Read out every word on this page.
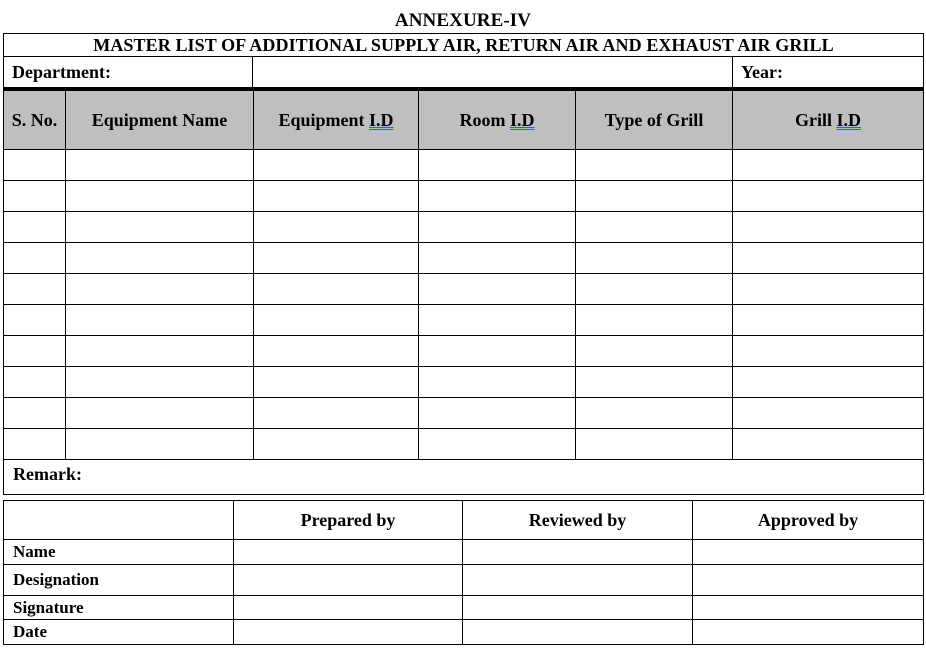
ANNEXURE-IV
MASTER LIST OF ADDITIONAL SUPPLY AIR, RETURN AIR AND EXHAUST AIR GRILL
Department:		Year:
S. No.	Equipment Name	Equipment I.D	Room I.D	Type of Grill	Grill I.D

Remark:					
	Prepared by	Reviewed by	Approved by
Name			
Designation			
Signature			
Date			
